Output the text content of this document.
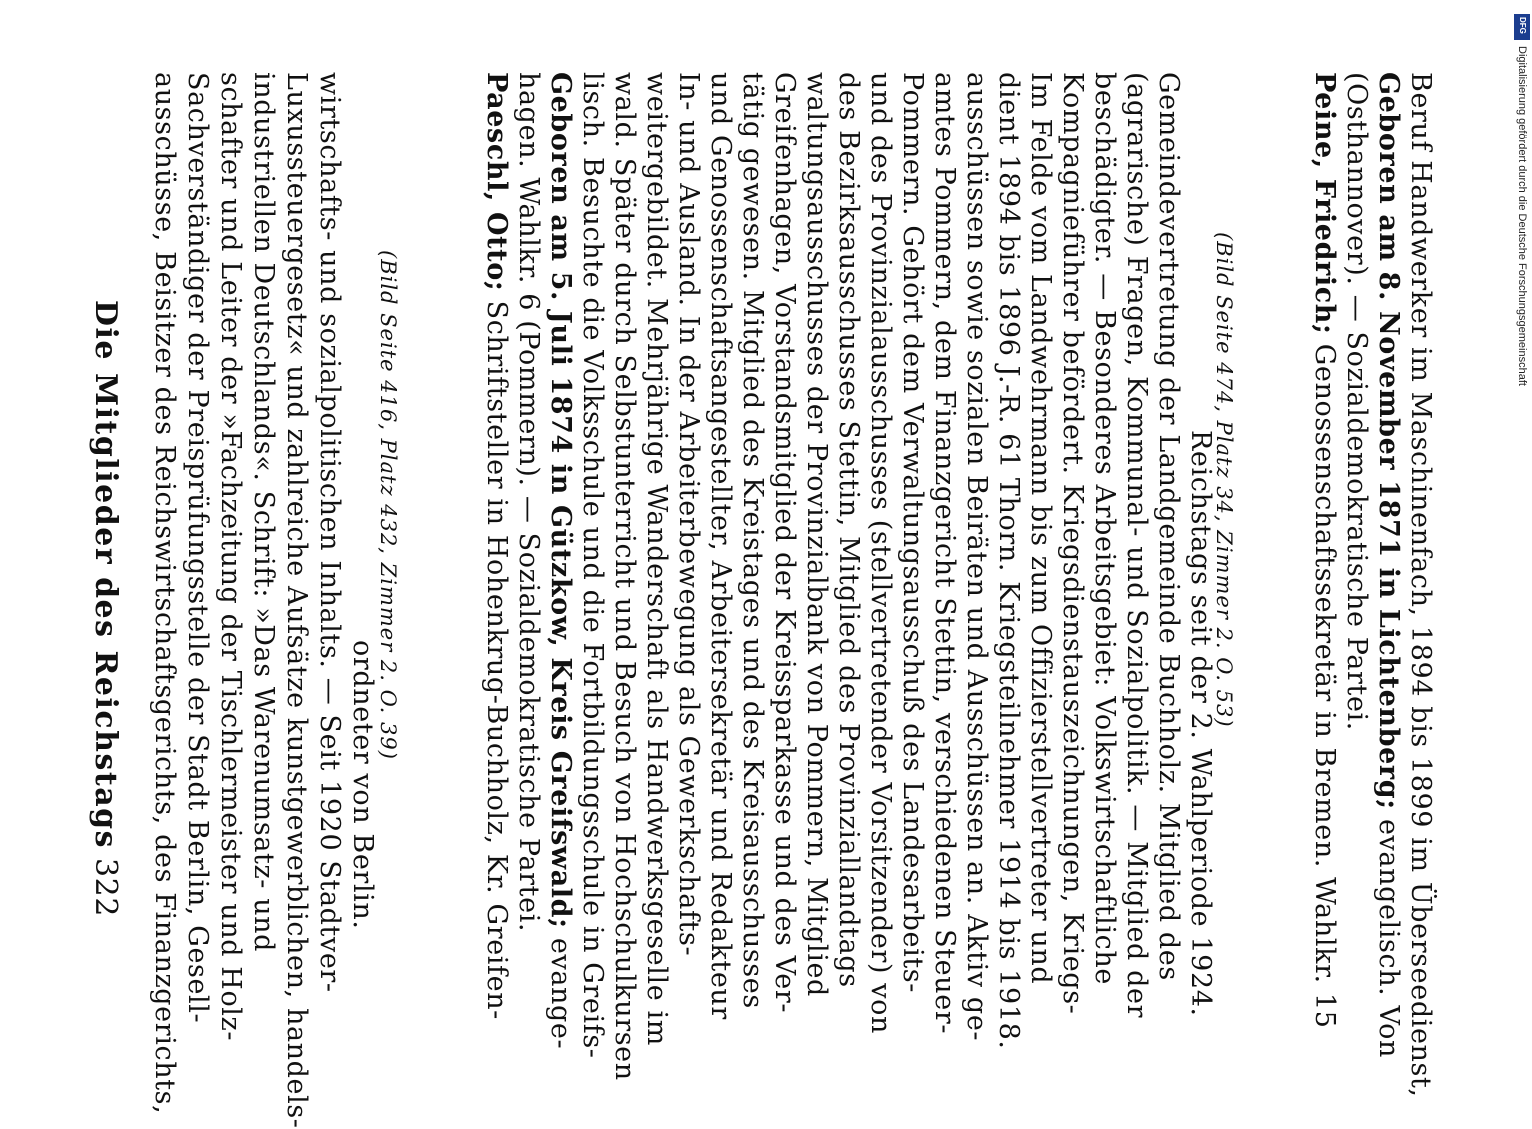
322
Die Mitglieder des Reichstags ausschüsse, Beisitzer des Reichswirtschaftsgerichts, des Finanzgerichts, Sachverständiger der Preisprüfungsstelle der Stadt Berlin, Gesell- schafter und Leiter der »Fachzeitung der Tischlermeister und Holz- industriellen Deutschlands«. Schrift: »Das Warenumsatz- und Luxussteuergesetz« und zahlreiche Aufsätze kunstgewerblichen, handels- wirtschafts- und sozialpolitischen Inhalts. — Seit 1920 Stadtver- ordneter von Berlin.
(Bild Seite 416, Platz 432, Zimmer 2. O. 39)
Paeschl, Otto; Schriftsteller in Hohenkrug-Buchholz, Kr. Greifen- hagen. Wahlkr. 6 (Pommern). — Sozialdemokratische Partei. Geboren am 5. Juli 1874 in Gützkow, Kreis Greifswald; evange- lisch. Besuchte die Volksschule und die Fortbildungsschule in Greifs- wald. Später durch Selbstunterricht und Besuch von Hochschulkursen weitergebildet. Mehrjährige Wanderschaft als Handwerksgeselle im In- und Ausland. In der Arbeiterbewegung als Gewerkschafts- und Genossenschaftsangestellter, Arbeitersekretär und Redakteur tätig gewesen. Mitglied des Kreistages und des Kreisausschusses Greifenhagen, Vorstandsmitglied der Kreissparkasse und des Ver- waltungsausschusses der Provinzialbank von Pommern, Mitglied des Bezirksausschusses Stettin, Mitglied des Provinziallandtags und des Provinzialausschusses (stellvertretender Vorsitzender) von Pommern. Gehört dem Verwaltungsausschuß des Landesarbeits- amtes Pommern, dem Finanzgericht Stettin, verschiedenen Steuer- ausschüssen sowie sozialen Beiräten und Ausschüssen an. Aktiv ge- dient 1894 bis 1896 J.-R. 61 Thorn. Kriegsteilnehmer 1914 bis 1918. Im Felde vom Landwehrmann bis zum Offizierstellvertreter und Kompagnieführer befördert. Kriegsdienstauszeichnungen, Kriegs- beschädigter. — Besonderes Arbeitsgebiet: Volkswirtschaftliche (agrarische) Fragen, Kommunal- und Sozialpolitik. — Mitglied der Gemeindevertretung der Landgemeinde Buchholz. Mitglied des Reichstags seit der 2. Wahlperiode 1924.
(Bild Seite 474, Platz 34, Zimmer 2. O. 53)
Peine, Friedrich; Genossenschaftssekretär in Bremen. Wahlkr. 15 (Osthannover). — Sozialdemokratische Partei. Geboren am 8. November 1871 in Lichtenberg; evangelisch. Von Beruf Handwerker im Maschinenfach, 1894 bis 1899 im Überseedienst,	Digitalisierung gefördert durch die Deutsche Forschungsgemeinschaft
DFG
